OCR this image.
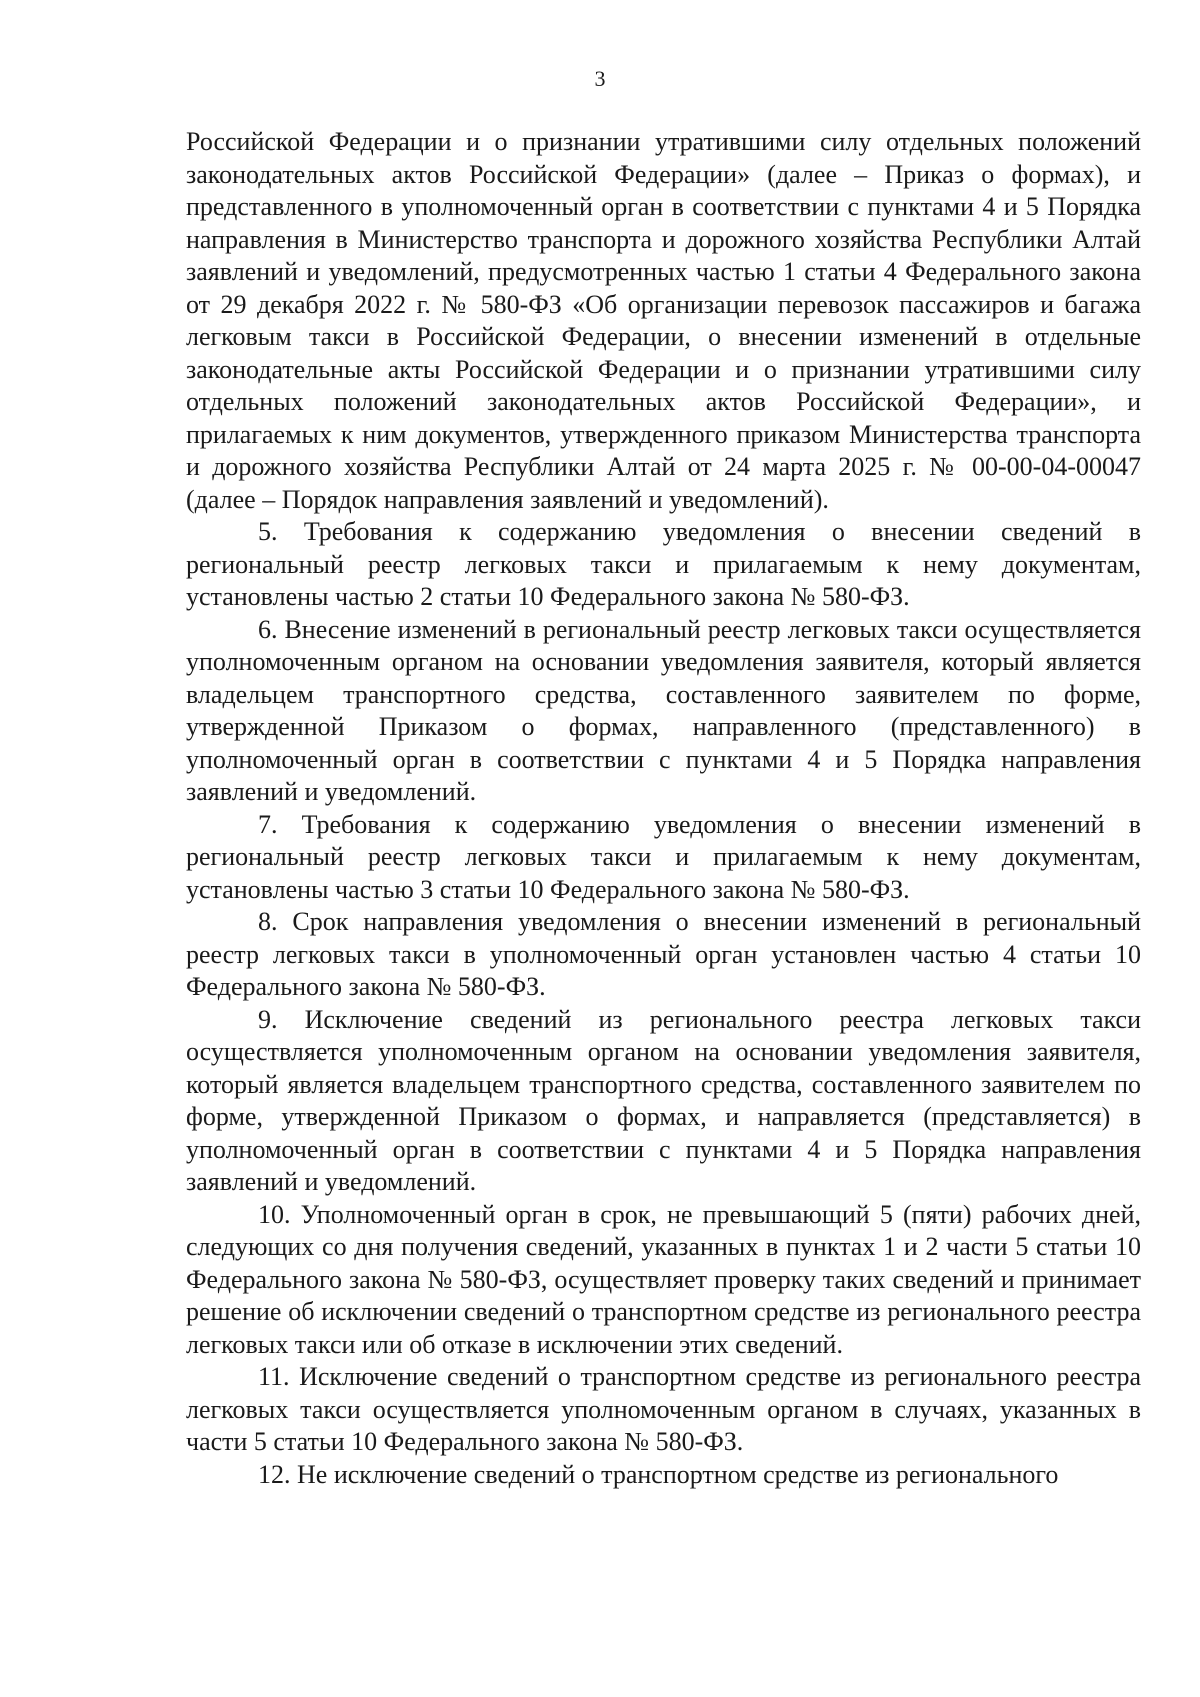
3

Российской Федерации и о признании утратившими силу отдельных положений законодательных актов Российской Федерации» (далее – Приказ о формах), и представленного в уполномоченный орган в соответствии с пунктами 4 и 5 Порядка направления в Министерство транспорта и дорожного хозяйства Республики Алтай заявлений и уведомлений, предусмотренных частью 1 статьи 4 Федерального закона от 29 декабря 2022 г. № 580-ФЗ «Об организации перевозок пассажиров и багажа легковым такси в Российской Федерации, о внесении изменений в отдельные законодательные акты Российской Федерации и о признании утратившими силу отдельных положений законодательных актов Российской Федерации», и прилагаемых к ним документов, утвержденного приказом Министерства транспорта и дорожного хозяйства Республики Алтай от 24 марта 2025 г. № 00-00-04-00047 (далее – Порядок направления заявлений и уведомлений).

5. Требования к содержанию уведомления о внесении сведений в региональный реестр легковых такси и прилагаемым к нему документам, установлены частью 2 статьи 10 Федерального закона № 580-ФЗ.

6. Внесение изменений в региональный реестр легковых такси осуществляется уполномоченным органом на основании уведомления заявителя, который является владельцем транспортного средства, составленного заявителем по форме, утвержденной Приказом о формах, направленного (представленного) в уполномоченный орган в соответствии с пунктами 4 и 5 Порядка направления заявлений и уведомлений.

7. Требования к содержанию уведомления о внесении изменений в региональный реестр легковых такси и прилагаемым к нему документам, установлены частью 3 статьи 10 Федерального закона № 580-ФЗ.

8. Срок направления уведомления о внесении изменений в региональный реестр легковых такси в уполномоченный орган установлен частью 4 статьи 10 Федерального закона № 580-ФЗ.

9. Исключение сведений из регионального реестра легковых такси осуществляется уполномоченным органом на основании уведомления заявителя, который является владельцем транспортного средства, составленного заявителем по форме, утвержденной Приказом о формах, и направляется (представляется) в уполномоченный орган в соответствии с пунктами 4 и 5 Порядка направления заявлений и уведомлений.

10. Уполномоченный орган в срок, не превышающий 5 (пяти) рабочих дней, следующих со дня получения сведений, указанных в пунктах 1 и 2 части 5 статьи 10 Федерального закона № 580-ФЗ, осуществляет проверку таких сведений и принимает решение об исключении сведений о транспортном средстве из регионального реестра легковых такси или об отказе в исключении этих сведений.

11. Исключение сведений о транспортном средстве из регионального реестра легковых такси осуществляется уполномоченным органом в случаях, указанных в части 5 статьи 10 Федерального закона № 580-ФЗ.

12. Не исключение сведений о транспортном средстве из регионального
